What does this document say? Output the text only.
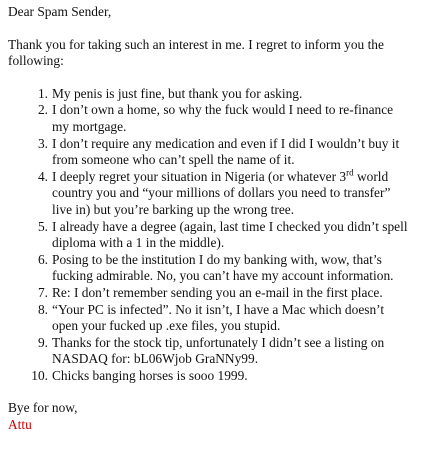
Dear Spam Sender,

Thank you for taking such an interest in me. I regret to inform you the following:

1. My penis is just fine, but thank you for asking.
2. I don’t own a home, so why the fuck would I need to re-finance my mortgage.
3. I don’t require any medication and even if I did I wouldn’t buy it from someone who can’t spell the name of it.
4. I deeply regret your situation in Nigeria (or whatever 3rd world country you and “your millions of dollars you need to transfer” live in) but you’re barking up the wrong tree.
5. I already have a degree (again, last time I checked you didn’t spell diploma with a 1 in the middle).
6. Posing to be the institution I do my banking with, wow, that’s fucking admirable. No, you can’t have my account information.
7. Re: I don’t remember sending you an e-mail in the first place.
8. “Your PC is infected”. No it isn’t, I have a Mac which doesn’t open your fucked up .exe files, you stupid.
9. Thanks for the stock tip, unfortunately I didn’t see a listing on NASDAQ for: bL06Wjob GraNNy99.
10. Chicks banging horses is sooo 1999.

Bye for now,

Attu
